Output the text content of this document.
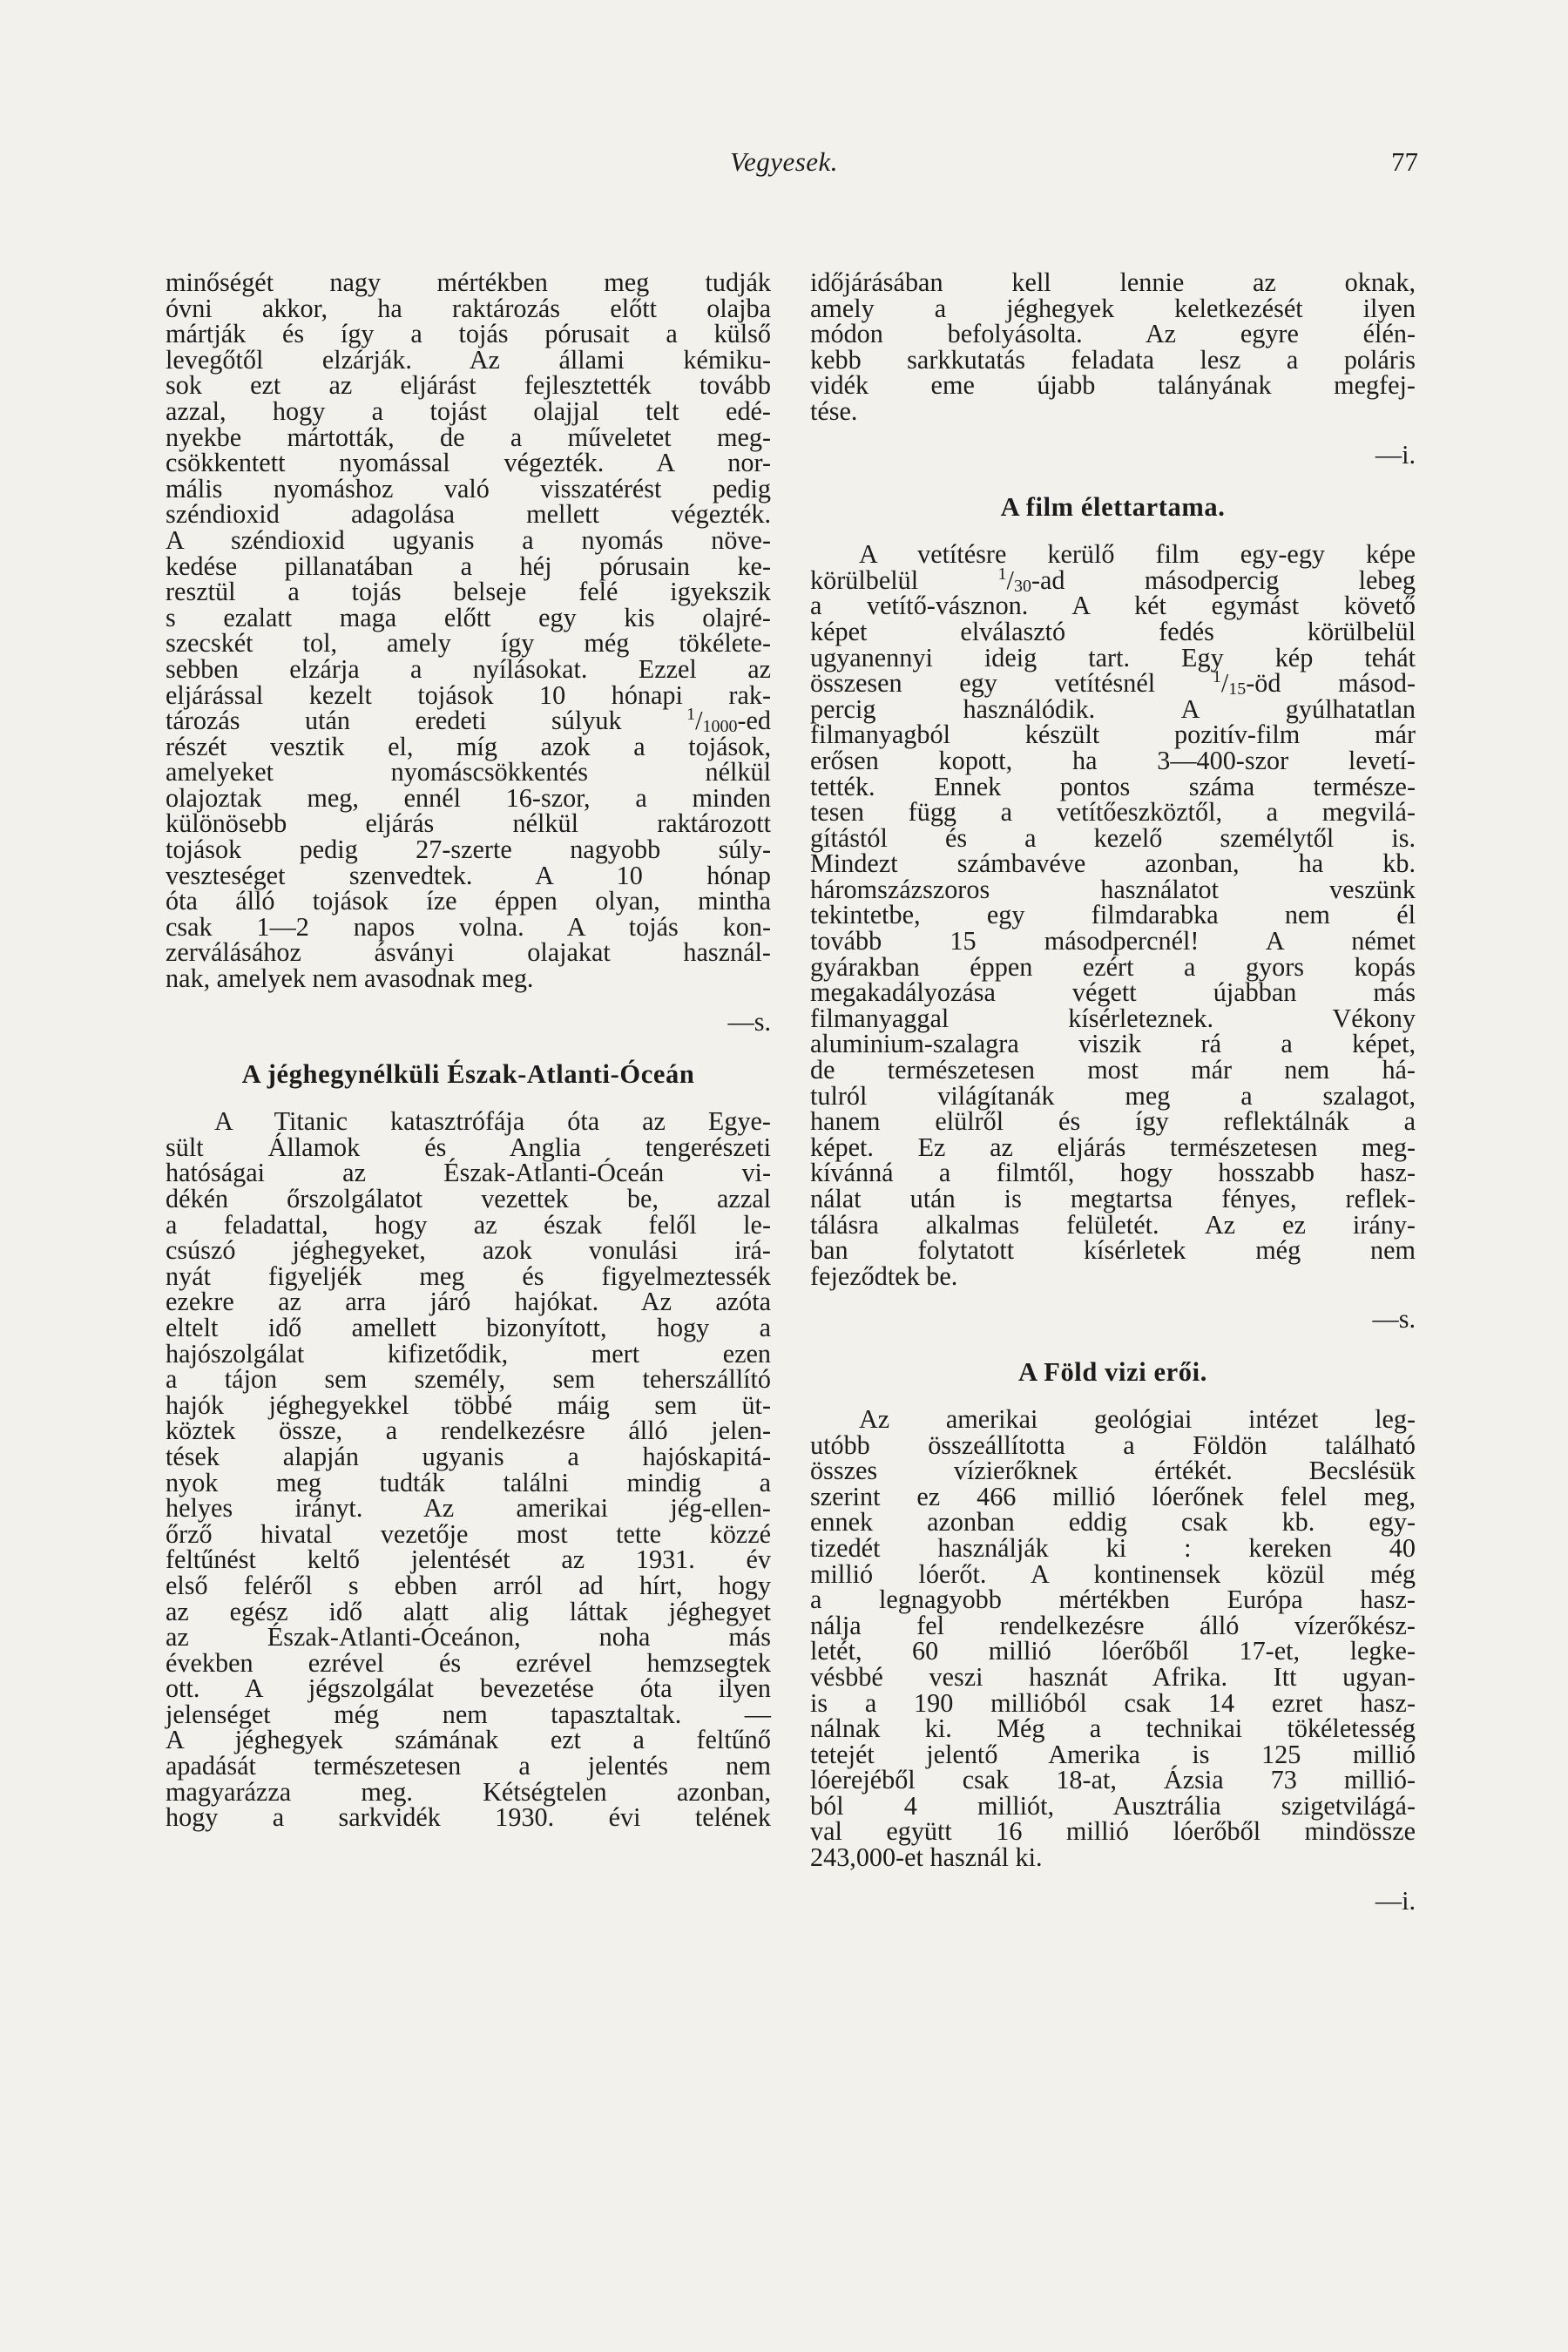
Vegyesek.	77
minőségét nagy mértékben meg tudják
óvni akkor, ha raktározás előtt olajba
mártják és így a tojás pórusait a külső
levegőtől elzárják. Az állami kémiku-
sok ezt az eljárást fejlesztették tovább
azzal, hogy a tojást olajjal telt edé-
nyekbe mártották, de a műveletet meg-
csökkentett nyomással végezték. A nor-
mális nyomáshoz való visszatérést pedig
széndioxid adagolása mellett végezték.
A széndioxid ugyanis a nyomás növe-
kedése pillanatában a héj pórusain ke-
resztül a tojás belseje felé igyekszik
s ezalatt maga előtt egy kis olajré-
szecskét tol, amely így még tökélete-
sebben elzárja a nyílásokat. Ezzel az
eljárással kezelt tojások 10 hónapi rak-
tározás után eredeti súlyuk	$^1/_{1000}-ed$
részét vesztik el, míg azok a tojások,
amelyeket nyomáscsökkentés nélkül
olajoztak meg, ennél 16-szor, a minden
különösebb eljárás nélkül raktározott
tojások pedig 27-szerte nagyobb súly-
veszteséget szenvedtek. A 10 hónap
óta álló tojások íze éppen olyan, mintha
csak 1—2 napos volna. A tojás kon-
zerválásához ásványi olajakat használ-
nak, amelyek nem avasodnak meg.
—s.
A jéghegynélküli Észak-Atlanti-Óceán
A Titanic katasztrófája óta az Egye-
sült Államok és Anglia tengerészeti
hatóságai az Észak-Atlanti-Óceán vi-
dékén őrszolgálatot vezettek be, azzal
a feladattal, hogy az észak felől le-
csúszó jéghegyeket, azok vonulási irá-
nyát figyeljék meg és figyelmeztessék
ezekre az arra járó hajókat. Az azóta
eltelt idő amellett bizonyított, hogy a
hajószolgálat kifizetődik, mert ezen
a tájon sem személy, sem teherszállító
hajók jéghegyekkel többé máig sem üt-
köztek össze, a rendelkezésre álló jelen-
tések alapján ugyanis a hajóskapitá-
nyok meg tudták találni mindig a
helyes irányt. Az amerikai jég-ellen-
őrző hivatal vezetője most tette közzé
feltűnést keltő jelentését az 1931. év
első feléről s ebben arról ad hírt, hogy
az egész idő alatt alig láttak jéghegyet
az Észak-Atlanti-Óceánon, noha más
években ezrével és ezrével hemzsegtek
ott. A jégszolgálat bevezetése óta ilyen
jelenséget még nem tapasztaltak. —
A jéghegyek számának ezt a feltűnő
apadását természetesen a jelentés nem
magyarázza meg. Kétségtelen azonban,
hogy a sarkvidék 1930. évi telének
időjárásában kell lennie az oknak,
amely a jéghegyek keletkezését ilyen
módon befolyásolta. Az egyre élén-
kebb sarkkutatás feladata lesz a poláris
vidék eme újabb talányának megfej-
tése.
—i.
A film élettartama.
A vetítésre kerülő film egy-egy képe
körülbelül	$^1/_{30}-ad$ másodpercig lebeg
a vetítő-vásznon. A két egymást követő
képet elválasztó fedés körülbelül
ugyanennyi ideig tart. Egy kép tehát
összesen egy vetítésnél	$^1/_{15}-öd$ másod-
percig használódik. A gyúlhatatlan
filmanyagból készült pozitív-film már
erősen kopott, ha 3—400-szor levetí-
tették. Ennek pontos száma természe-
tesen függ a vetítőeszköztől, a megvilá-
gítástól és a kezelő személytől is.
Mindezt számbavéve azonban, ha kb.
háromszázszoros használatot veszünk
tekintetbe, egy filmdarabka nem él
tovább 15 másodpercnél! A német
gyárakban éppen ezért a gyors kopás
megakadályozása végett újabban más
filmanyaggal kísérleteznek. Vékony
aluminium-szalagra viszik rá a képet,
de természetesen most már nem há-
tulról világítanák meg a szalagot,
hanem elülről és így reflektálnák a
képet. Ez az eljárás természetesen meg-
kívánná a filmtől, hogy hosszabb hasz-
nálat után is megtartsa fényes, reflek-
tálásra alkalmas felületét. Az ez irány-
ban folytatott kísérletek még nem
fejeződtek be.
—s.
A Föld vizi erői.
Az amerikai geológiai intézet leg-
utóbb összeállította a Földön található
összes vízierőknek értékét. Becslésük
szerint ez 466 millió lóerőnek felel meg,
ennek azonban eddig csak kb. egy-
tizedét használják ki : kereken 40
millió lóerőt. A kontinensek közül még
a legnagyobb mértékben Európa hasz-
nálja fel rendelkezésre álló vízerőkész-
letét, 60 millió lóerőből 17-et, legke-
vésbbé veszi hasznát Afrika. Itt ugyan-
is a 190 millióból csak 14 ezret hasz-
nálnak ki. Még a technikai tökéletesség
tetejét jelentő Amerika is 125 millió
lóerejéből csak 18-at, Ázsia 73 millió-
ból 4 milliót, Ausztrália szigetvilágá-
val együtt 16 millió lóerőből mindössze
243,000-et használ ki.
—i.
